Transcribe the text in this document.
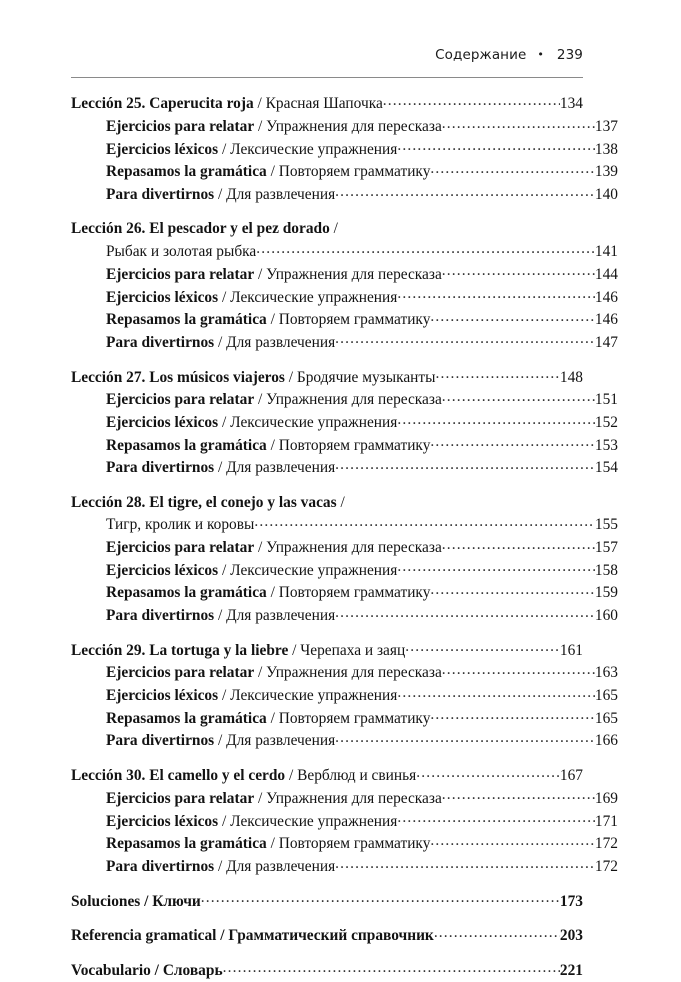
Содержание • 239
Lección 25. Caperucita roja / Красная Шапочка .....	134
Ejercicios para relatar / Упражнения для пересказа .....	137
Ejercicios léxicos / Лексические упражнения .....	138
Repasamos la gramática / Повторяем грамматику .....	139
Para divertirnos / Для развлечения .....	140
Lección 26. El pescador y el pez dorado /
Рыбак и золотая рыбка .....	141
Ejercicios para relatar / Упражнения для пересказа .....	144
Ejercicios léxicos / Лексические упражнения .....	146
Repasamos la gramática / Повторяем грамматику .....	146
Para divertirnos / Для развлечения .....	147
Lección 27. Los músicos viajeros / Бродячие музыканты .....	148
Ejercicios para relatar / Упражнения для пересказа .....	151
Ejercicios léxicos / Лексические упражнения .....	152
Repasamos la gramática / Повторяем грамматику .....	153
Para divertirnos / Для развлечения .....	154
Lección 28. El tigre, el conejo y las vacas /
Тигр, кролик и коровы .....	155
Ejercicios para relatar / Упражнения для пересказа .....	157
Ejercicios léxicos / Лексические упражнения .....	158
Repasamos la gramática / Повторяем грамматику .....	159
Para divertirnos / Для развлечения .....	160
Lección 29. La tortuga y la liebre / Черепаха и заяц .....	161
Ejercicios para relatar / Упражнения для пересказа .....	163
Ejercicios léxicos / Лексические упражнения .....	165
Repasamos la gramática / Повторяем грамматику .....	165
Para divertirnos / Для развлечения .....	166
Lección 30. El camello y el cerdo / Верблюд и свинья .....	167
Ejercicios para relatar / Упражнения для пересказа .....	169
Ejercicios léxicos / Лексические упражнения .....	171
Repasamos la gramática / Повторяем грамматику .....	172
Para divertirnos / Для развлечения .....	172
Soluciones / Ключи .....	173
Referencia gramatical / Грамматический справочник .....	203
Vocabulario / Словарь .....	221
